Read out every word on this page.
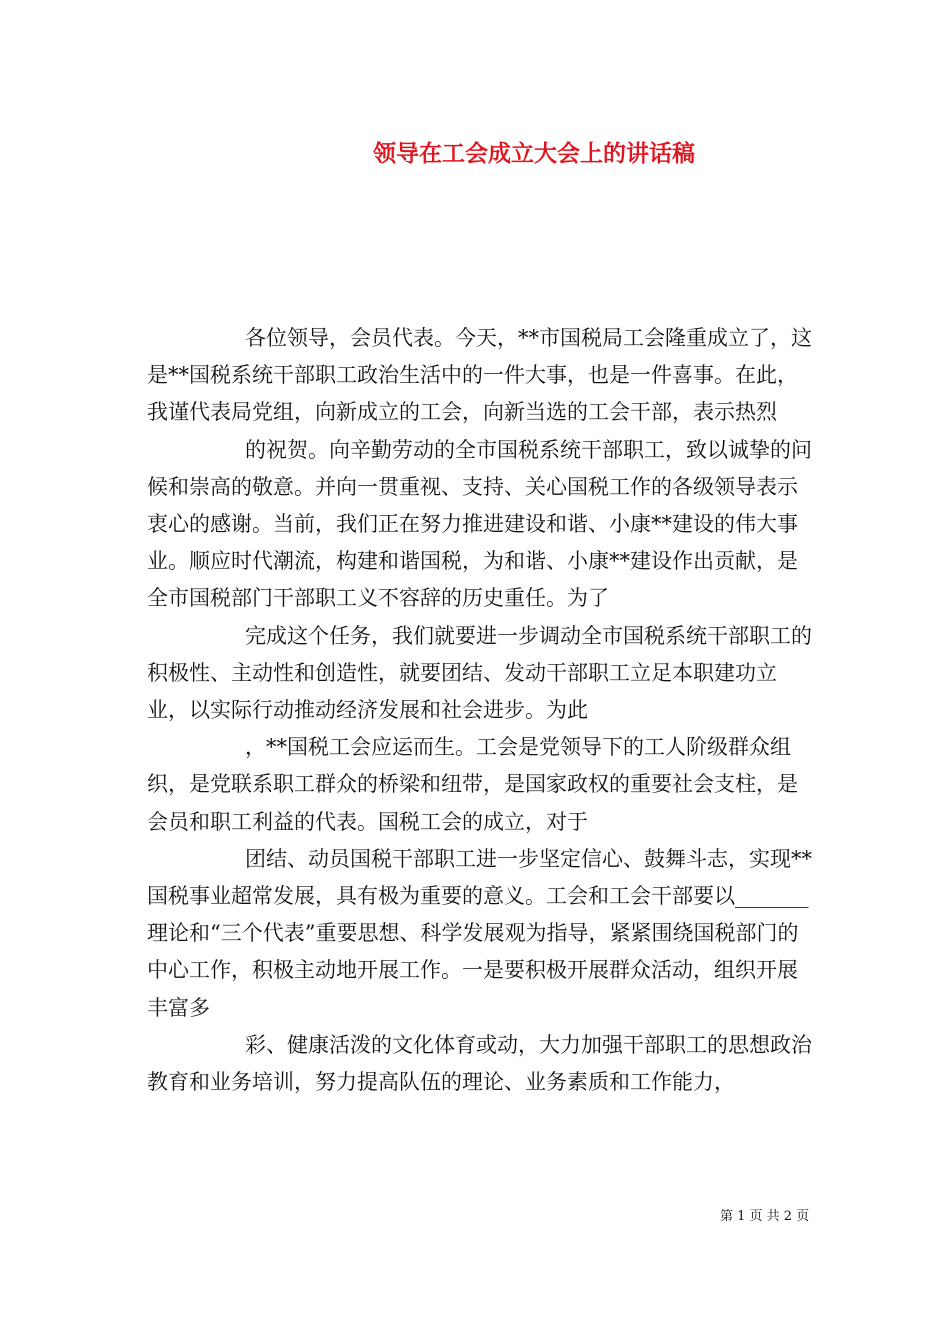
领导在工会成立大会上的讲话稿

各位领导，会员代表。今天，**市国税局工会隆重成立了，这是**国税系统干部职工政治生活中的一件大事，也是一件喜事。在此，我谨代表局党组，向新成立的工会，向新当选的工会干部，表示热烈

的祝贺。向辛勤劳动的全市国税系统干部职工，致以诚挚的问候和崇高的敬意。并向一贯重视、支持、关心国税工作的各级领导表示衷心的感谢。当前，我们正在努力推进建设和谐、小康**建设的伟大事业。顺应时代潮流，构建和谐国税，为和谐、小康**建设作出贡献，是全市国税部门干部职工义不容辞的历史重任。为了

完成这个任务，我们就要进一步调动全市国税系统干部职工的积极性、主动性和创造性，就要团结、发动干部职工立足本职建功立业，以实际行动推动经济发展和社会进步。为此

，**国税工会应运而生。工会是党领导下的工人阶级群众组织，是党联系职工群众的桥梁和纽带，是国家政权的重要社会支柱，是会员和职工利益的代表。国税工会的成立，对于

团结、动员国税干部职工进一步坚定信心、鼓舞斗志，实现**国税事业超常发展，具有极为重要的意义。工会和工会干部要以_______理论和“三个代表”重要思想、科学发展观为指导，紧紧围绕国税部门的中心工作，积极主动地开展工作。一是要积极开展群众活动，组织开展丰富多

彩、健康活泼的文化体育或动，大力加强干部职工的思想政治教育和业务培训，努力提高队伍的理论、业务素质和工作能力，

第 1 页 共 2 页
